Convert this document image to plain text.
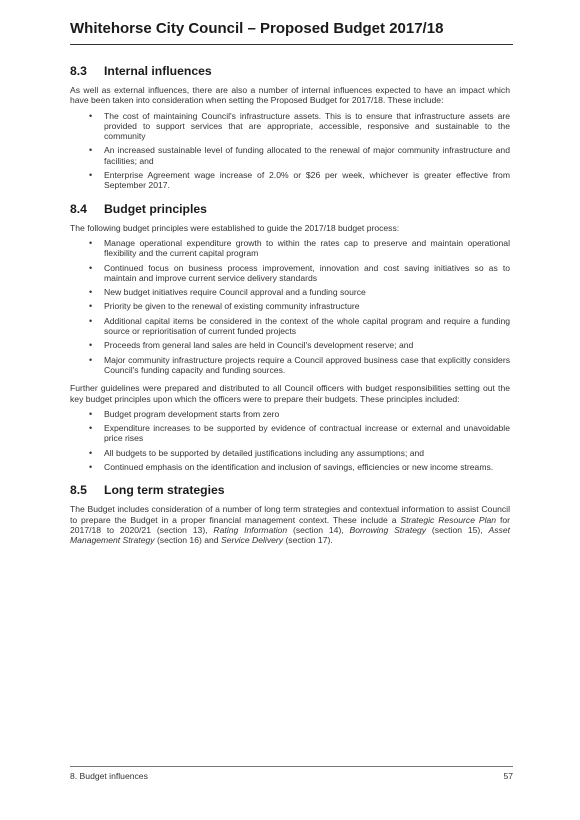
Whitehorse City Council – Proposed Budget 2017/18
8.3	Internal influences

As well as external influences, there are also a number of internal influences expected to have an impact which have been taken into consideration when setting the Proposed Budget for 2017/18. These include:

• The cost of maintaining Council's infrastructure assets. This is to ensure that infrastructure assets are provided to support services that are appropriate, accessible, responsive and sustainable to the community
• An increased sustainable level of funding allocated to the renewal of major community infrastructure and facilities; and
• Enterprise Agreement wage increase of 2.0% or $26 per week, whichever is greater effective from September 2017.
8.4	Budget principles

The following budget principles were established to guide the 2017/18 budget process:

• Manage operational expenditure growth to within the rates cap to preserve and maintain operational flexibility and the current capital program
• Continued focus on business process improvement, innovation and cost saving initiatives so as to maintain and improve current service delivery standards
• New budget initiatives require Council approval and a funding source
• Priority be given to the renewal of existing community infrastructure
• Additional capital items be considered in the context of the whole capital program and require a funding source or reprioritisation of current funded projects
• Proceeds from general land sales are held in Council's development reserve; and
• Major community infrastructure projects require a Council approved business case that explicitly considers Council's funding capacity and funding sources.

Further guidelines were prepared and distributed to all Council officers with budget responsibilities setting out the key budget principles upon which the officers were to prepare their budgets. These principles included:

• Budget program development starts from zero
• Expenditure increases to be supported by evidence of contractual increase or external and unavoidable price rises
• All budgets to be supported by detailed justifications including any assumptions; and
• Continued emphasis on the identification and inclusion of savings, efficiencies or new income streams.
8.5	Long term strategies

The Budget includes consideration of a number of long term strategies and contextual information to assist Council to prepare the Budget in a proper financial management context. These include a Strategic Resource Plan for 2017/18 to 2020/21 (section 13), Rating Information (section 14), Borrowing Strategy (section 15), Asset Management Strategy (section 16) and Service Delivery (section 17).

8. Budget influences	57
